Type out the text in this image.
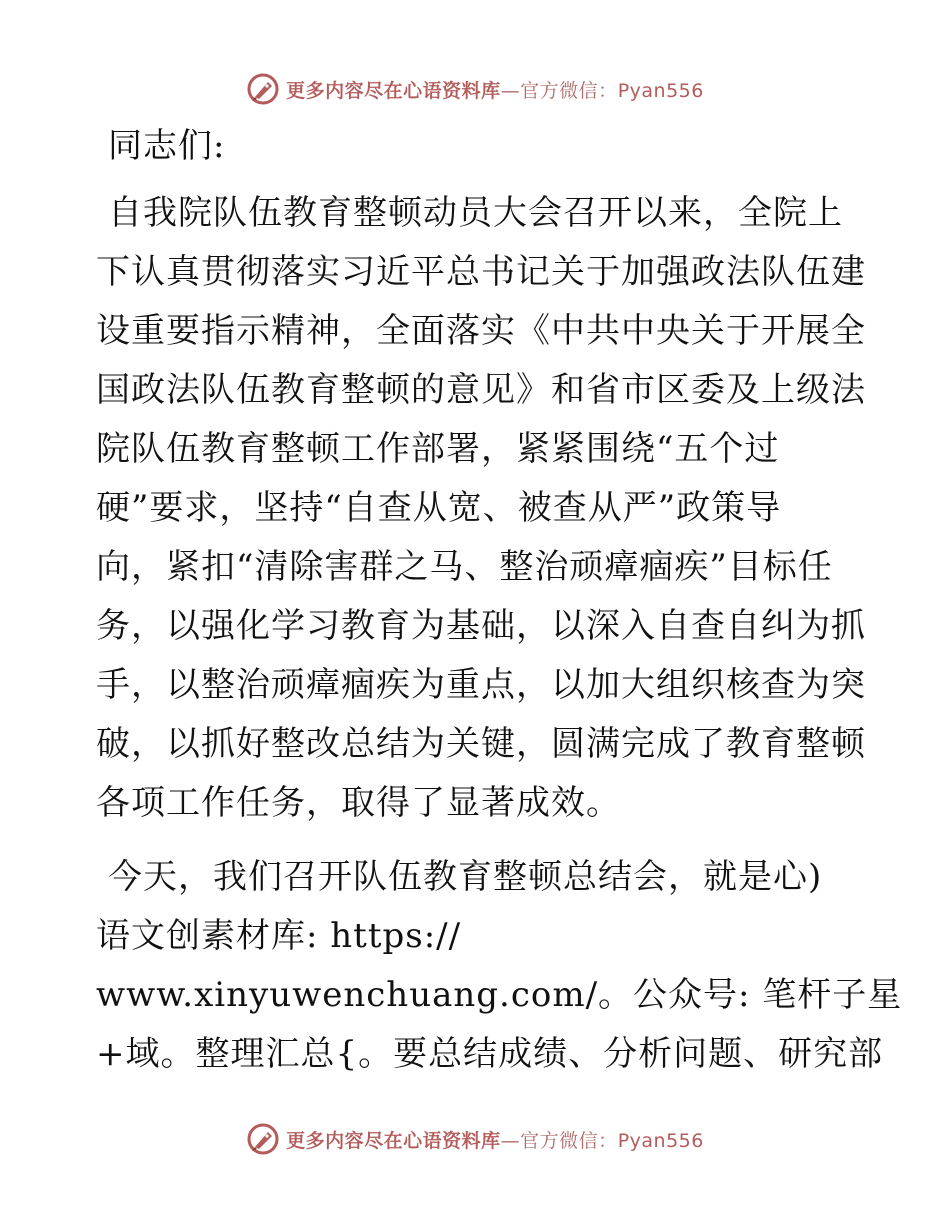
更多内容尽在心语资料库—官方微信：Pyan556
同志们:
自我院队伍教育整顿动员大会召开以来，全院上
下认真贯彻落实习近平总书记关于加强政法队伍建
设重要指示精神，全面落实《中共中央关于开展全
国政法队伍教育整顿的意见》和省市区委及上级法
院队伍教育整顿工作部署，紧紧围绕“五个过
硬”要求，坚持“自查从宽、被查从严”政策导
向，紧扣“清除害群之马、整治顽瘴痼疾”目标任
务，以强化学习教育为基础，以深入自查自纠为抓
手，以整治顽瘴痼疾为重点，以加大组织核查为突
破，以抓好整改总结为关键，圆满完成了教育整顿
各项工作任务，取得了显著成效。
今天，我们召开队伍教育整顿总结会，就是心)
语文创素材库: https://
www.xinyuwenchuang.com/。公众号: 笔杆子星
+域。整理汇总{。要总结成绩、分析问题、研究部
更多内容尽在心语资料库—官方微信：Pyan556
